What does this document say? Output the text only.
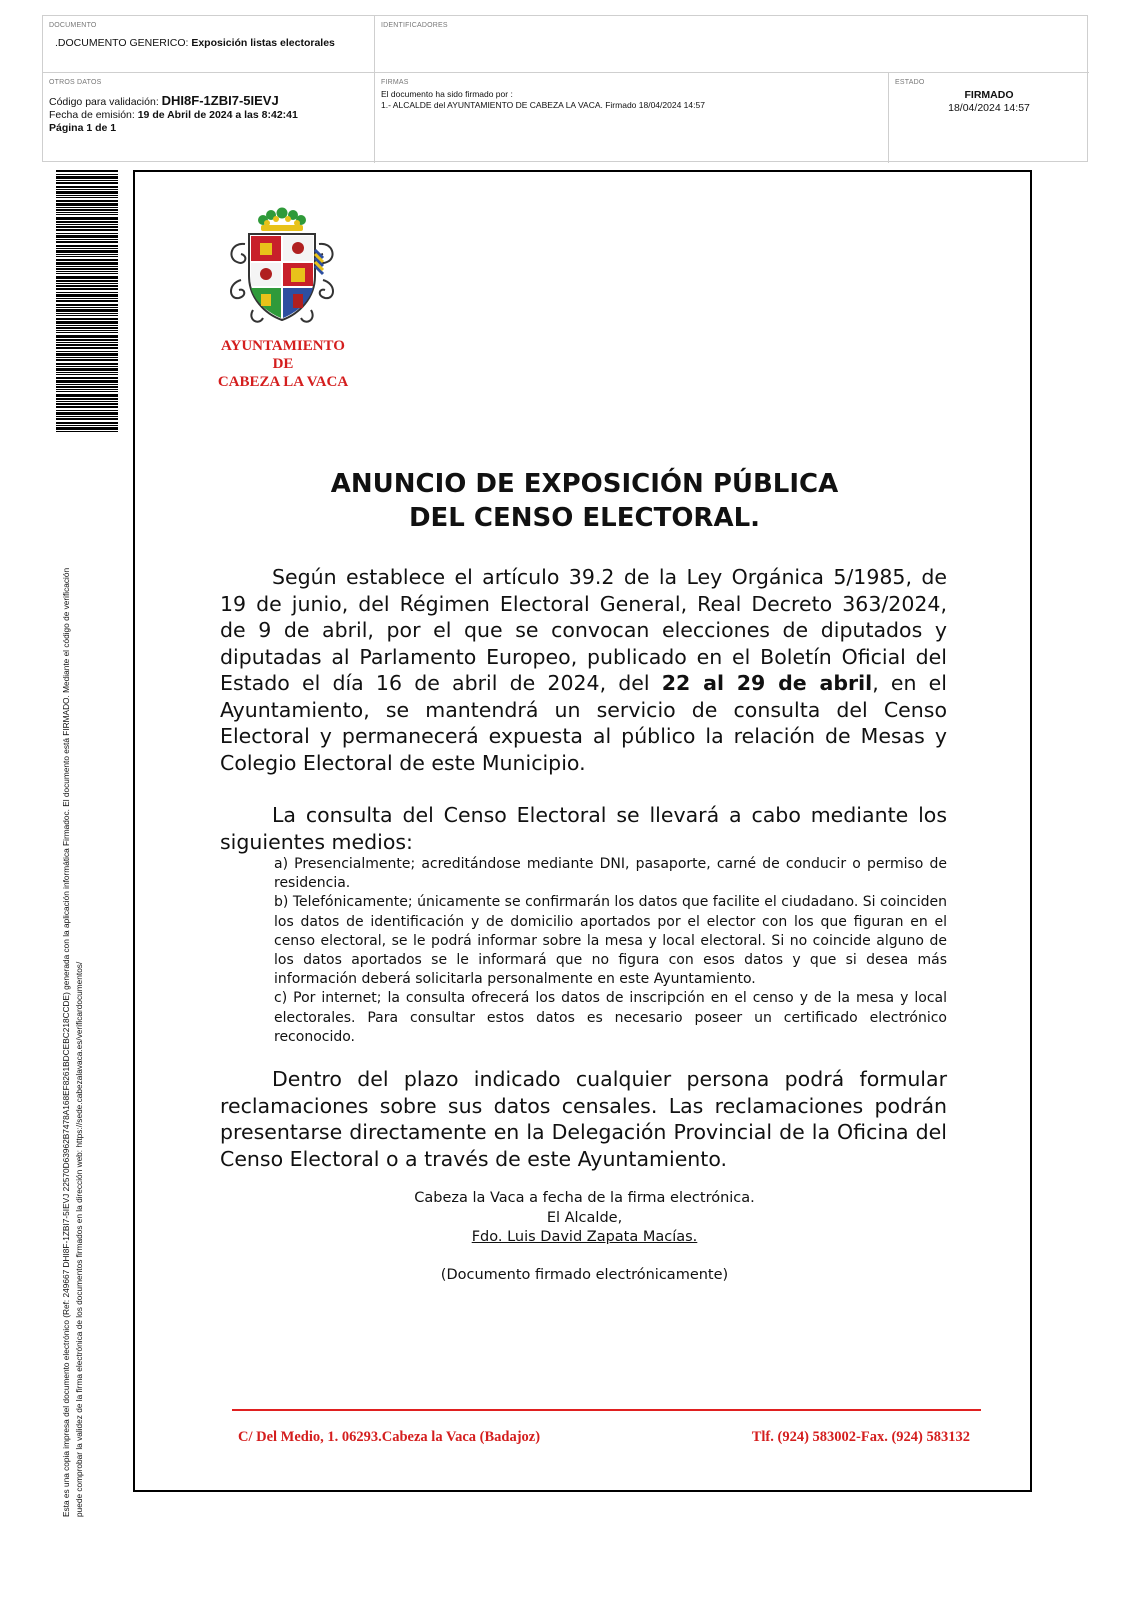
DOCUMENTO
.DOCUMENTO GENERICO: Exposición listas electorales
IDENTIFICADORES
OTROS DATOS
Código para validación: DHI8F-1ZBI7-5IEVJ
Fecha de emisión: 19 de Abril de 2024 a las 8:42:41
Página 1 de 1
FIRMAS
El documento ha sido firmado por :
1.- ALCALDE del AYUNTAMIENTO DE CABEZA LA VACA. Firmado 18/04/2024 14:57
ESTADO
FIRMADO
18/04/2024 14:57
Esta es una copia impresa del documento electrónico (Ref: 249667 DHI8F-1ZBI7-5IEVJ 22570D63962B7478A168EF8261BDCEBC218CCDE) generada con la aplicación informática Firmadoc. El documento está FIRMADO. Mediante el código de verificación puede comprobar la validez de la firma electrónica de los documentos firmados en la dirección web: https://sede.cabezalavaca.es/verificardocumentos/
AYUNTAMIENTO
DE
CABEZA LA VACA
ANUNCIO DE EXPOSICIÓN PÚBLICA
DEL CENSO ELECTORAL.
Según establece el artículo 39.2 de la Ley Orgánica 5/1985, de 19 de junio, del Régimen Electoral General, Real Decreto 363/2024, de 9 de abril, por el que se convocan elecciones de diputados y diputadas al Parlamento Europeo, publicado en el Boletín Oficial del Estado el día 16 de abril de 2024, del 22 al 29 de abril, en el Ayuntamiento, se mantendrá un servicio de consulta del Censo Electoral y permanecerá expuesta al público la relación de Mesas y Colegio Electoral de este Municipio.
La consulta del Censo Electoral se llevará a cabo mediante los siguientes medios:

a) Presencialmente; acreditándose mediante DNI, pasaporte, carné de conducir o permiso de residencia.

b) Telefónicamente; únicamente se confirmarán los datos que facilite el ciudadano. Si coinciden los datos de identificación y de domicilio aportados por el elector con los que figuran en el censo electoral, se le podrá informar sobre la mesa y local electoral. Si no coincide alguno de los datos aportados se le informará que no figura con esos datos y que si desea más información deberá solicitarla personalmente en este Ayuntamiento.

c) Por internet; la consulta ofrecerá los datos de inscripción en el censo y de la mesa y local electorales. Para consultar estos datos es necesario poseer un certificado electrónico reconocido.

Dentro del plazo indicado cualquier persona podrá formular reclamaciones sobre sus datos censales. Las reclamaciones podrán presentarse directamente en la Delegación Provincial de la Oficina del Censo Electoral o a través de este Ayuntamiento.
Cabeza la Vaca a fecha de la firma electrónica.
El Alcalde,
Fdo. Luis David Zapata Macías.
(Documento firmado electrónicamente)
C/ Del Medio, 1. 06293.Cabeza la Vaca (Badajoz)	Tlf. (924) 583002-Fax. (924) 583132
